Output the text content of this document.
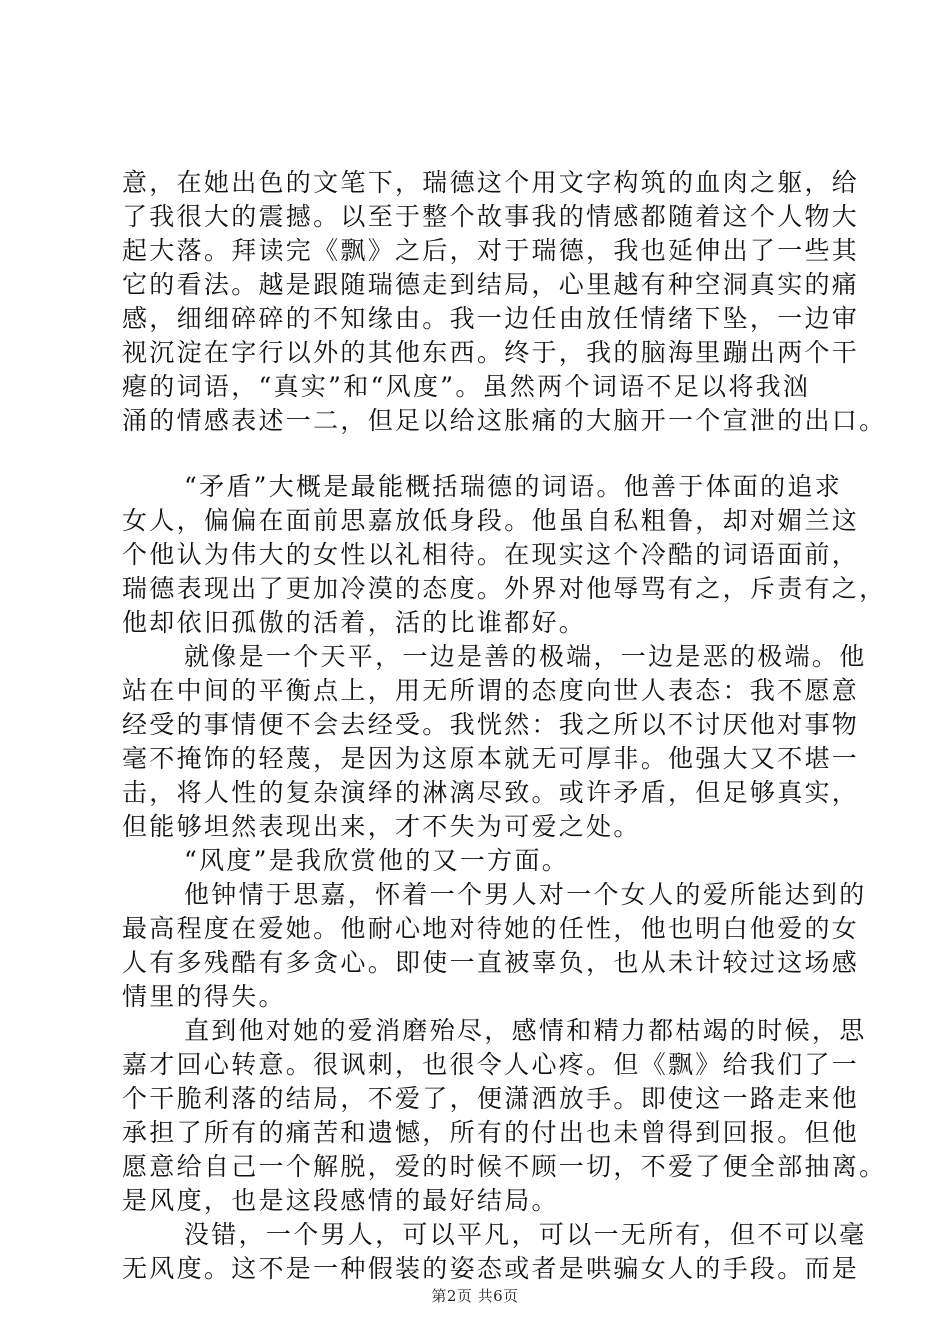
意，在她出色的文笔下，瑞德这个用文字构筑的血肉之躯，给
了我很大的震撼。以至于整个故事我的情感都随着这个人物大
起大落。拜读完《飘》之后，对于瑞德，我也延伸出了一些其
它的看法。越是跟随瑞德走到结局，心里越有种空洞真实的痛
感，细细碎碎的不知缘由。我一边任由放任情绪下坠，一边审
视沉淀在字行以外的其他东西。终于，我的脑海里蹦出两个干
瘪的词语，“真实”和“风度”。虽然两个词语不足以将我汹
涌的情感表述一二，但足以给这胀痛的大脑开一个宣泄的出口。
“矛盾”大概是最能概括瑞德的词语。他善于体面的追求
女人，偏偏在面前思嘉放低身段。他虽自私粗鲁，却对媚兰这
个他认为伟大的女性以礼相待。在现实这个冷酷的词语面前，
瑞德表现出了更加冷漠的态度。外界对他辱骂有之，斥责有之，
他却依旧孤傲的活着，活的比谁都好。
就像是一个天平，一边是善的极端，一边是恶的极端。他
站在中间的平衡点上，用无所谓的态度向世人表态：我不愿意
经受的事情便不会去经受。我恍然：我之所以不讨厌他对事物
毫不掩饰的轻蔑，是因为这原本就无可厚非。他强大又不堪一
击，将人性的复杂演绎的淋漓尽致。或许矛盾，但足够真实，
但能够坦然表现出来，才不失为可爱之处。
“风度”是我欣赏他的又一方面。
他钟情于思嘉，怀着一个男人对一个女人的爱所能达到的
最高程度在爱她。他耐心地对待她的任性，他也明白他爱的女
人有多残酷有多贪心。即使一直被辜负，也从未计较过这场感
情里的得失。
直到他对她的爱消磨殆尽，感情和精力都枯竭的时候，思
嘉才回心转意。很讽刺，也很令人心疼。但《飘》给我们了一
个干脆利落的结局，不爱了，便潇洒放手。即使这一路走来他
承担了所有的痛苦和遗憾，所有的付出也未曾得到回报。但他
愿意给自己一个解脱，爱的时候不顾一切，不爱了便全部抽离。
是风度，也是这段感情的最好结局。
没错，一个男人，可以平凡，可以一无所有，但不可以毫
无风度。这不是一种假装的姿态或者是哄骗女人的手段。而是
第2页 共6页
